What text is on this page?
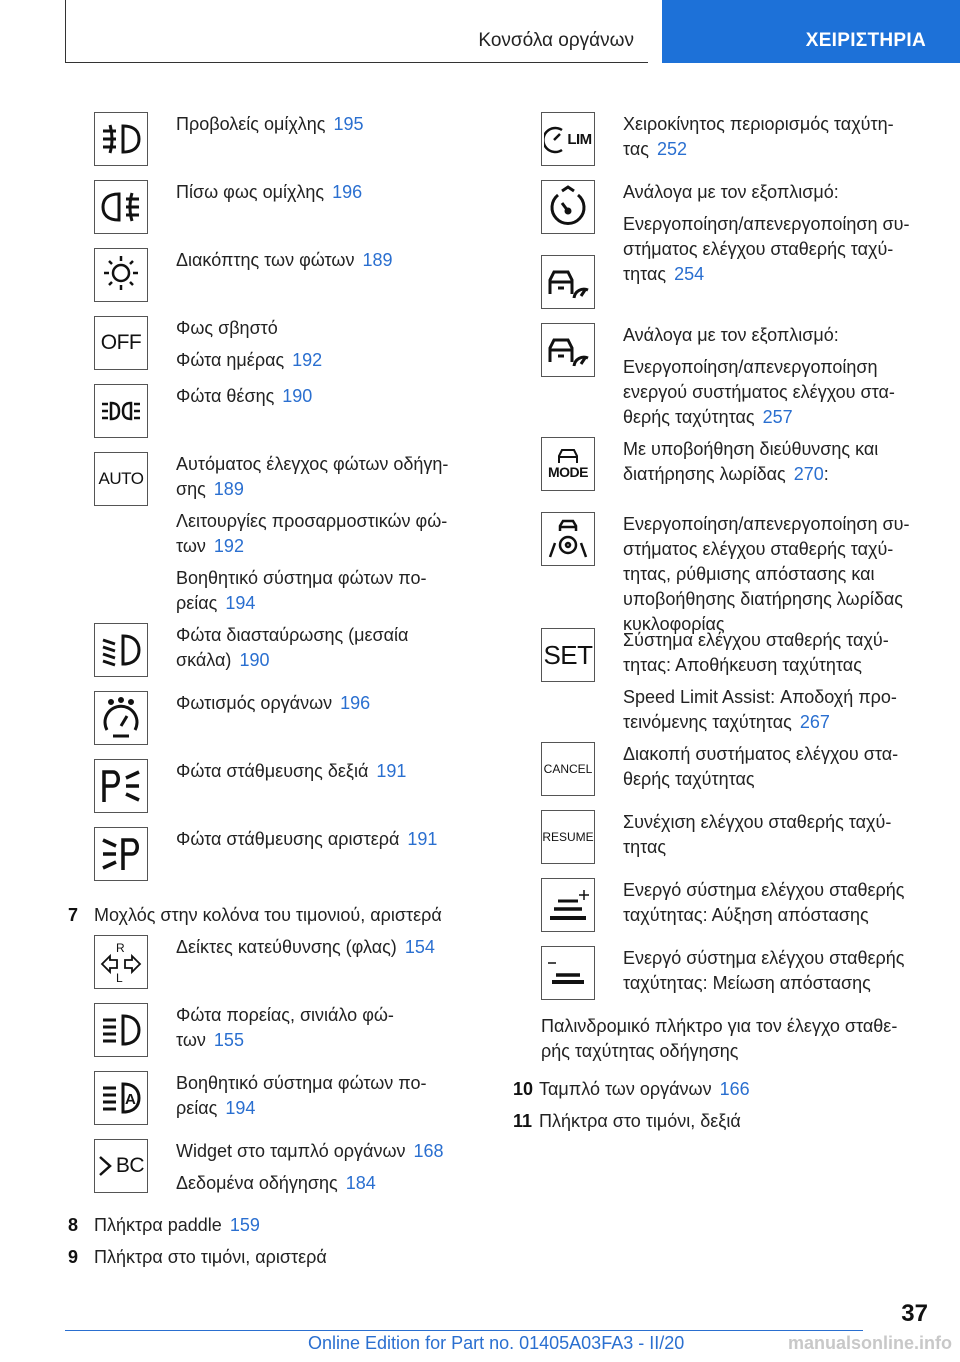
Κονσόλα οργάνων	ΧΕΙΡΙΣΤΗΡΙΑ
Προβολείς ομίχλης 195
Πίσω φως ομίχλης 196
Διακόπτης των φώτων 189
OFF
Φως σβηστό
Φώτα ημέρας 192
Φώτα θέσης 190
AUTO
Αυτόματος έλεγχος φώτων οδήγη-
σης 189
Λειτουργίες προσαρμοστικών φώ-
των 192
Βοηθητικό σύστημα φώτων πο-
ρείας 194
Φώτα διασταύρωσης (μεσαία
σκάλα) 190
Φωτισμός οργάνων 196
Φώτα στάθμευσης δεξιά 191
Φώτα στάθμευσης αριστερά 191
7 Μοχλός στην κολόνα του τιμονιού, αριστερά
R
L
Δείκτες κατεύθυνσης (φλας) 154
Φώτα πορείας, σινιάλο φώ-
των 155
A
Βοηθητικό σύστημα φώτων πο-
ρείας 194
BC
Widget στο ταμπλό οργάνων 168
Δεδομένα οδήγησης 184
8 Πλήκτρα paddle 159
9 Πλήκτρα στο τιμόνι, αριστερά
LIM
Χειροκίνητος περιορισμός ταχύτη-
τας 252
Ανάλογα με τον εξοπλισμό:
Ενεργοποίηση/απενεργοποίηση συ-
στήματος ελέγχου σταθερής ταχύ-
τητας 254
Ανάλογα με τον εξοπλισμό:
Ενεργοποίηση/απενεργοποίηση
ενεργού συστήματος ελέγχου στα-
θερής ταχύτητας 257
MODE
Με υποβοήθηση διεύθυνσης και
διατήρησης λωρίδας 270:
Ενεργοποίηση/απενεργοποίηση συ-
στήματος ελέγχου σταθερής ταχύ-
τητας, ρύθμισης απόστασης και
υποβοήθησης διατήρησης λωρίδας
κυκλοφορίας
SET Σύστημα ελέγχου σταθερής ταχύ-
τητας: Αποθήκευση ταχύτητας
Speed Limit Assist: Αποδοχή προ-
τεινόμενης ταχύτητας 267
CANCEL
Διακοπή συστήματος ελέγχου στα-
θερής ταχύτητας
RESUME
Συνέχιση ελέγχου σταθερής ταχύ-
τητας
Ενεργό σύστημα ελέγχου σταθερής
ταχύτητας: Αύξηση απόστασης
Ενεργό σύστημα ελέγχου σταθερής
ταχύτητας: Μείωση απόστασης
Παλινδρομικό πλήκτρο για τον έλεγχο σταθε-
ρής ταχύτητας οδήγησης
10 Ταμπλό των οργάνων 166
11 Πλήκτρα στο τιμόνι, δεξιά
37
Online Edition for Part no. 01405A03FA3 - II/20	manualsonline.info
